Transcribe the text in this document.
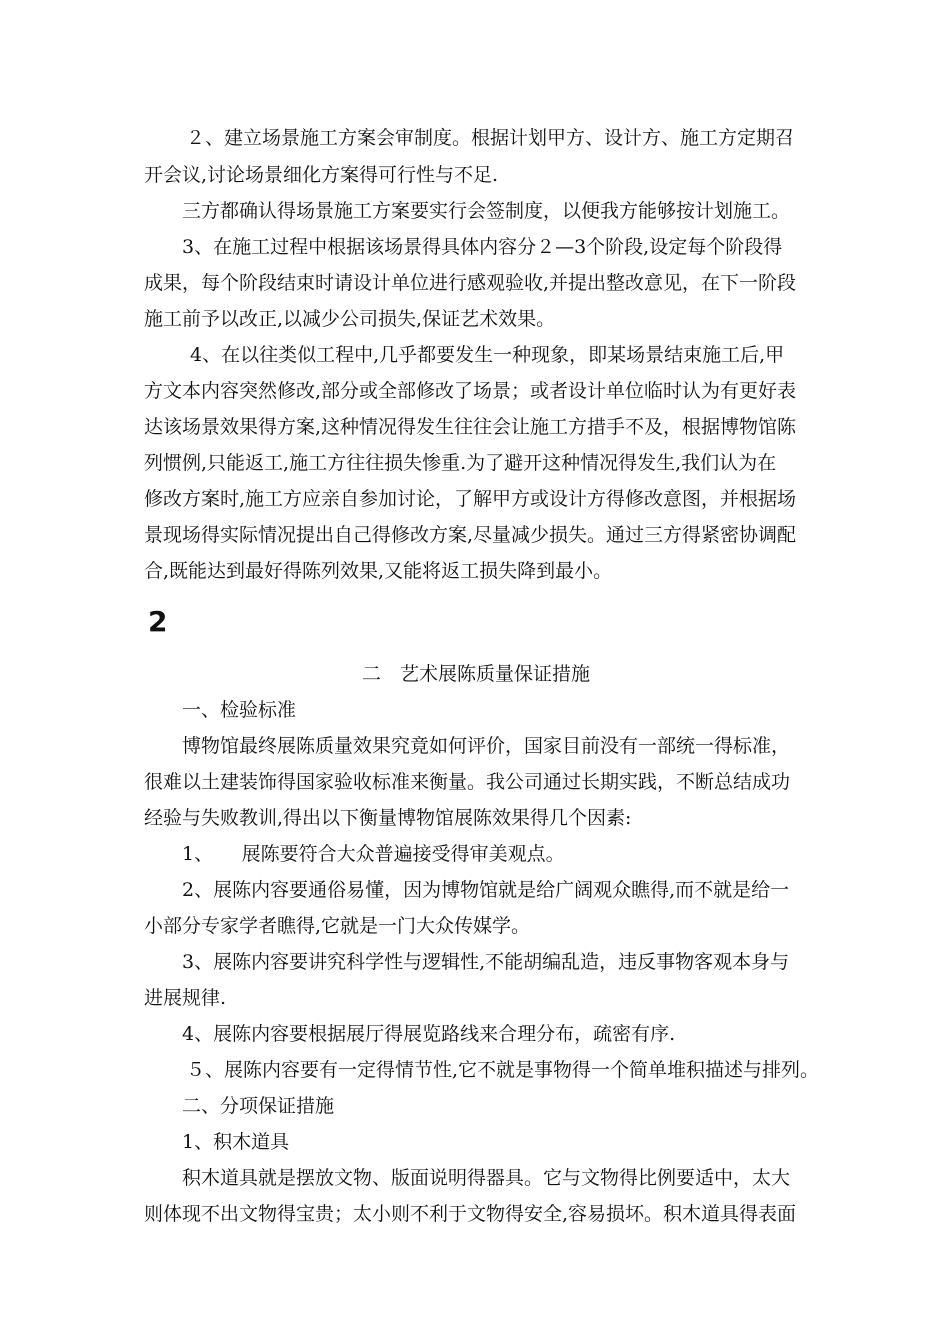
２、建立场景施工方案会审制度。根据计划甲方、设计方、施工方定期召
开会议,讨论场景细化方案得可行性与不足.
三方都确认得场景施工方案要实行会签制度，以便我方能够按计划施工。
3、在施工过程中根据该场景得具体内容分２—3个阶段,设定每个阶段得
成果，每个阶段结束时请设计单位进行感观验收,并提出整改意见，在下一阶段
施工前予以改正,以减少公司损失,保证艺术效果。
4、在以往类似工程中,几乎都要发生一种现象，即某场景结束施工后,甲
方文本内容突然修改,部分或全部修改了场景；或者设计单位临时认为有更好表
达该场景效果得方案,这种情况得发生往往会让施工方措手不及，根据博物馆陈
列惯例,只能返工,施工方往往损失惨重.为了避开这种情况得发生,我们认为在
修改方案时,施工方应亲自参加讨论，了解甲方或设计方得修改意图，并根据场
景现场得实际情况提出自己得修改方案,尽量减少损失。通过三方得紧密协调配
合,既能达到最好得陈列效果,又能将返工损失降到最小。
2
二　艺术展陈质量保证措施
一、检验标准
博物馆最终展陈质量效果究竟如何评价，国家目前没有一部统一得标准，
很难以土建装饰得国家验收标准来衡量。我公司通过长期实践，不断总结成功
经验与失败教训,得出以下衡量博物馆展陈效果得几个因素:
1、　　展陈要符合大众普遍接受得审美观点。
2、展陈内容要通俗易懂，因为博物馆就是给广阔观众瞧得,而不就是给一
小部分专家学者瞧得,它就是一门大众传媒学。
3、展陈内容要讲究科学性与逻辑性,不能胡编乱造，违反事物客观本身与
进展规律.
4、展陈内容要根据展厅得展览路线来合理分布，疏密有序.
５、展陈内容要有一定得情节性,它不就是事物得一个简单堆积描述与排列。
二、分项保证措施
1、积木道具
积木道具就是摆放文物、版面说明得器具。它与文物得比例要适中，太大
则体现不出文物得宝贵；太小则不利于文物得安全,容易损坏。积木道具得表面
